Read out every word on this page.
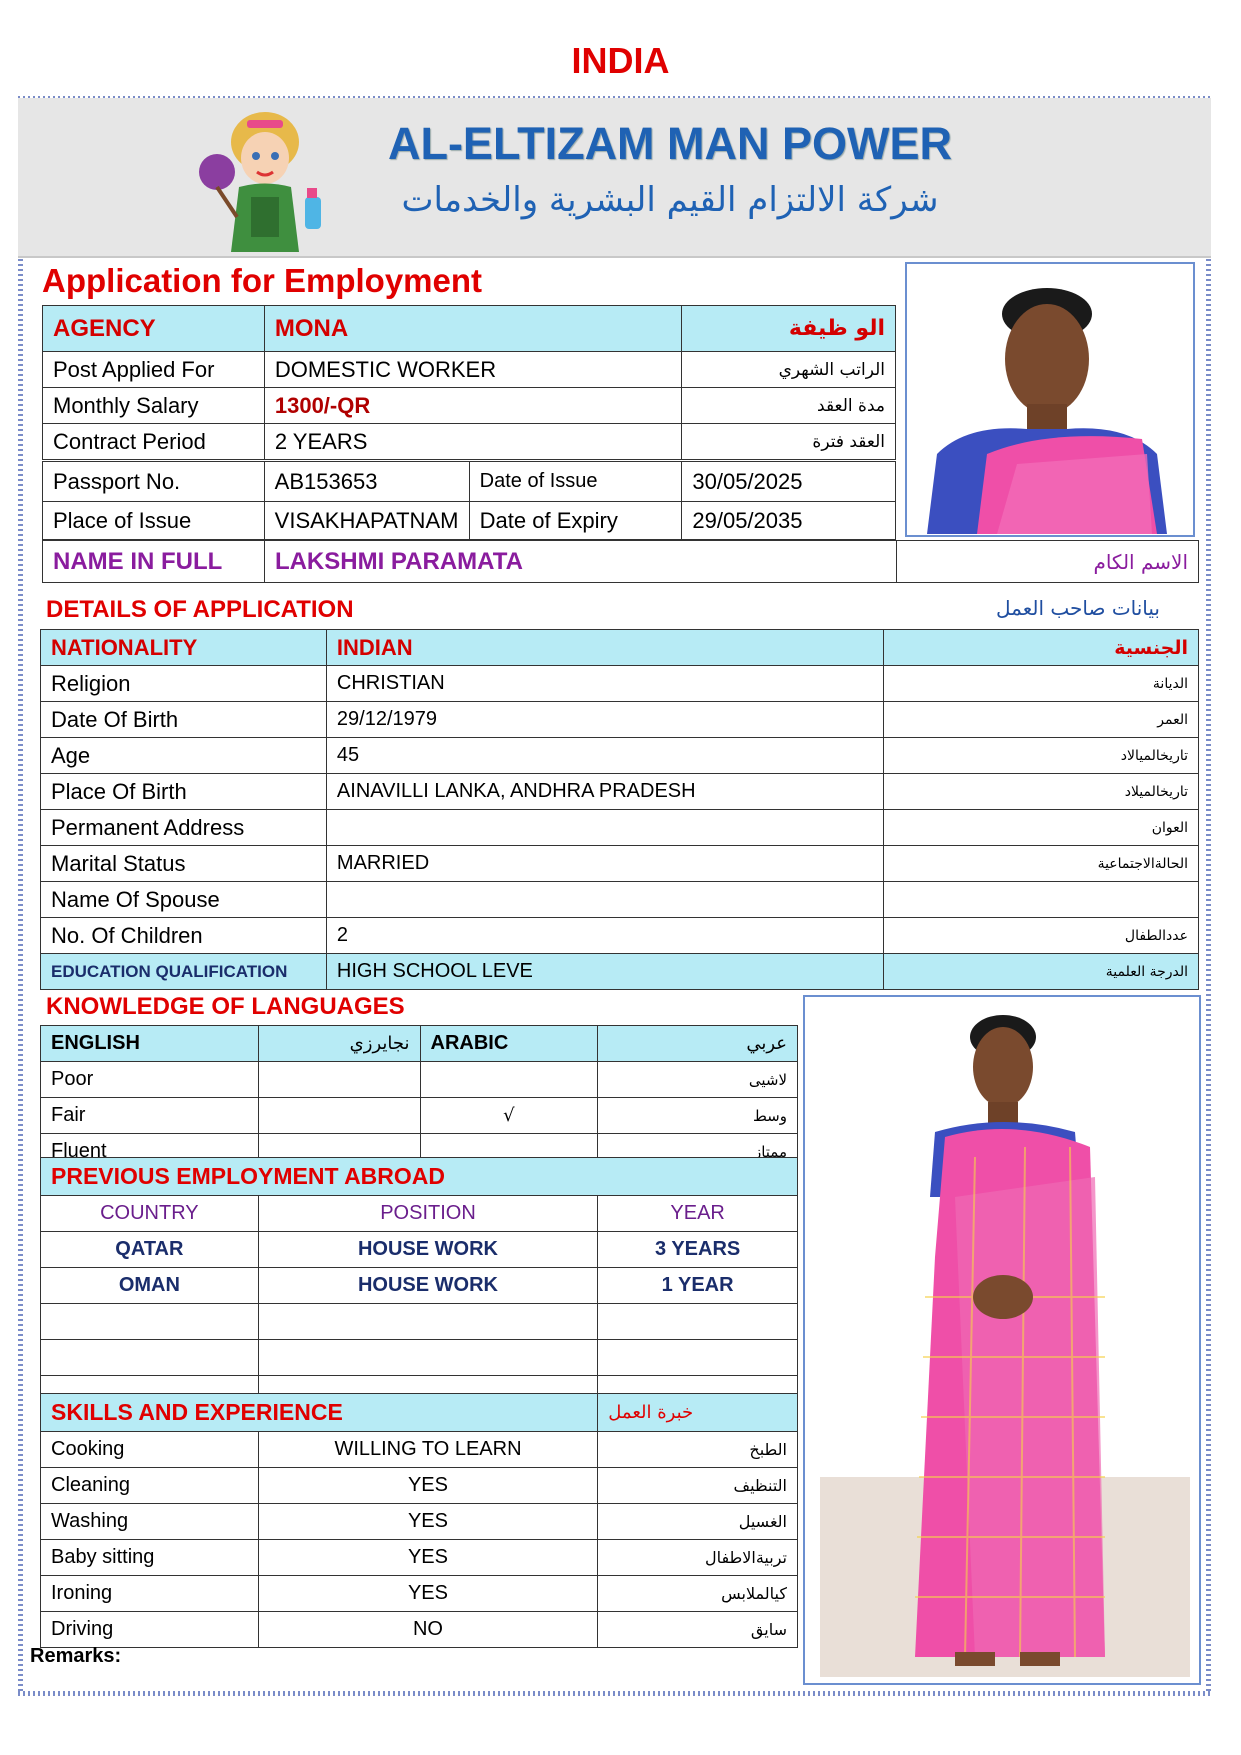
INDIA
AL-ELTIZAM MAN POWER
شركة الالتزام القيم البشرية والخدمات
Application for Employment
AGENCY	MONA	الو ظيفة
Post Applied For	DOMESTIC WORKER	الراتب الشهري
Monthly Salary	1300/-QR	مدة العقد
Contract Period	2 YEARS	العقد فترة
Passport No.	AB153653	Date of Issue	30/05/2025
Place of Issue	VISAKHAPATNAM	Date of Expiry	29/05/2035
NAME IN FULL	LAKSHMI PARAMATA	الاسم الكام
DETAILS OF APPLICATION	بيانات صاحب العمل
NATIONALITY	INDIAN	الجنسية
Religion	CHRISTIAN	الديانة
Date Of Birth	29/12/1979	العمر
Age	45	تاريخالميالاد
Place Of Birth	AINAVILLI LANKA, ANDHRA PRADESH	تاريخالميلاد
Permanent Address		العوان
Marital Status	MARRIED	الحالةالاجتماعية
Name Of Spouse		
No. Of Children	2	عددالطفال
EDUCATION QUALIFICATION	HIGH SCHOOL LEVE	الدرجة العلمية
KNOWLEDGE OF LANGUAGES
ENGLISH	نجايرزي	ARABIC	عربي
Poor			لاشيى
Fair		√	وسط
Fluent			ممتاز
PREVIOUS EMPLOYMENT ABROAD		
COUNTRY	POSITION	YEAR
QATAR	HOUSE WORK	3 YEARS
OMAN	HOUSE WORK	1 YEAR

SKILLS AND EXPERIENCE		خبرة العمل
Cooking	WILLING TO LEARN	الطبخ
Cleaning	YES	التنظيف
Washing	YES	الغسيل
Baby sitting	YES	تربيةالاطفال
Ironing	YES	كيالملابس
Driving	NO	سايق
Remarks:
